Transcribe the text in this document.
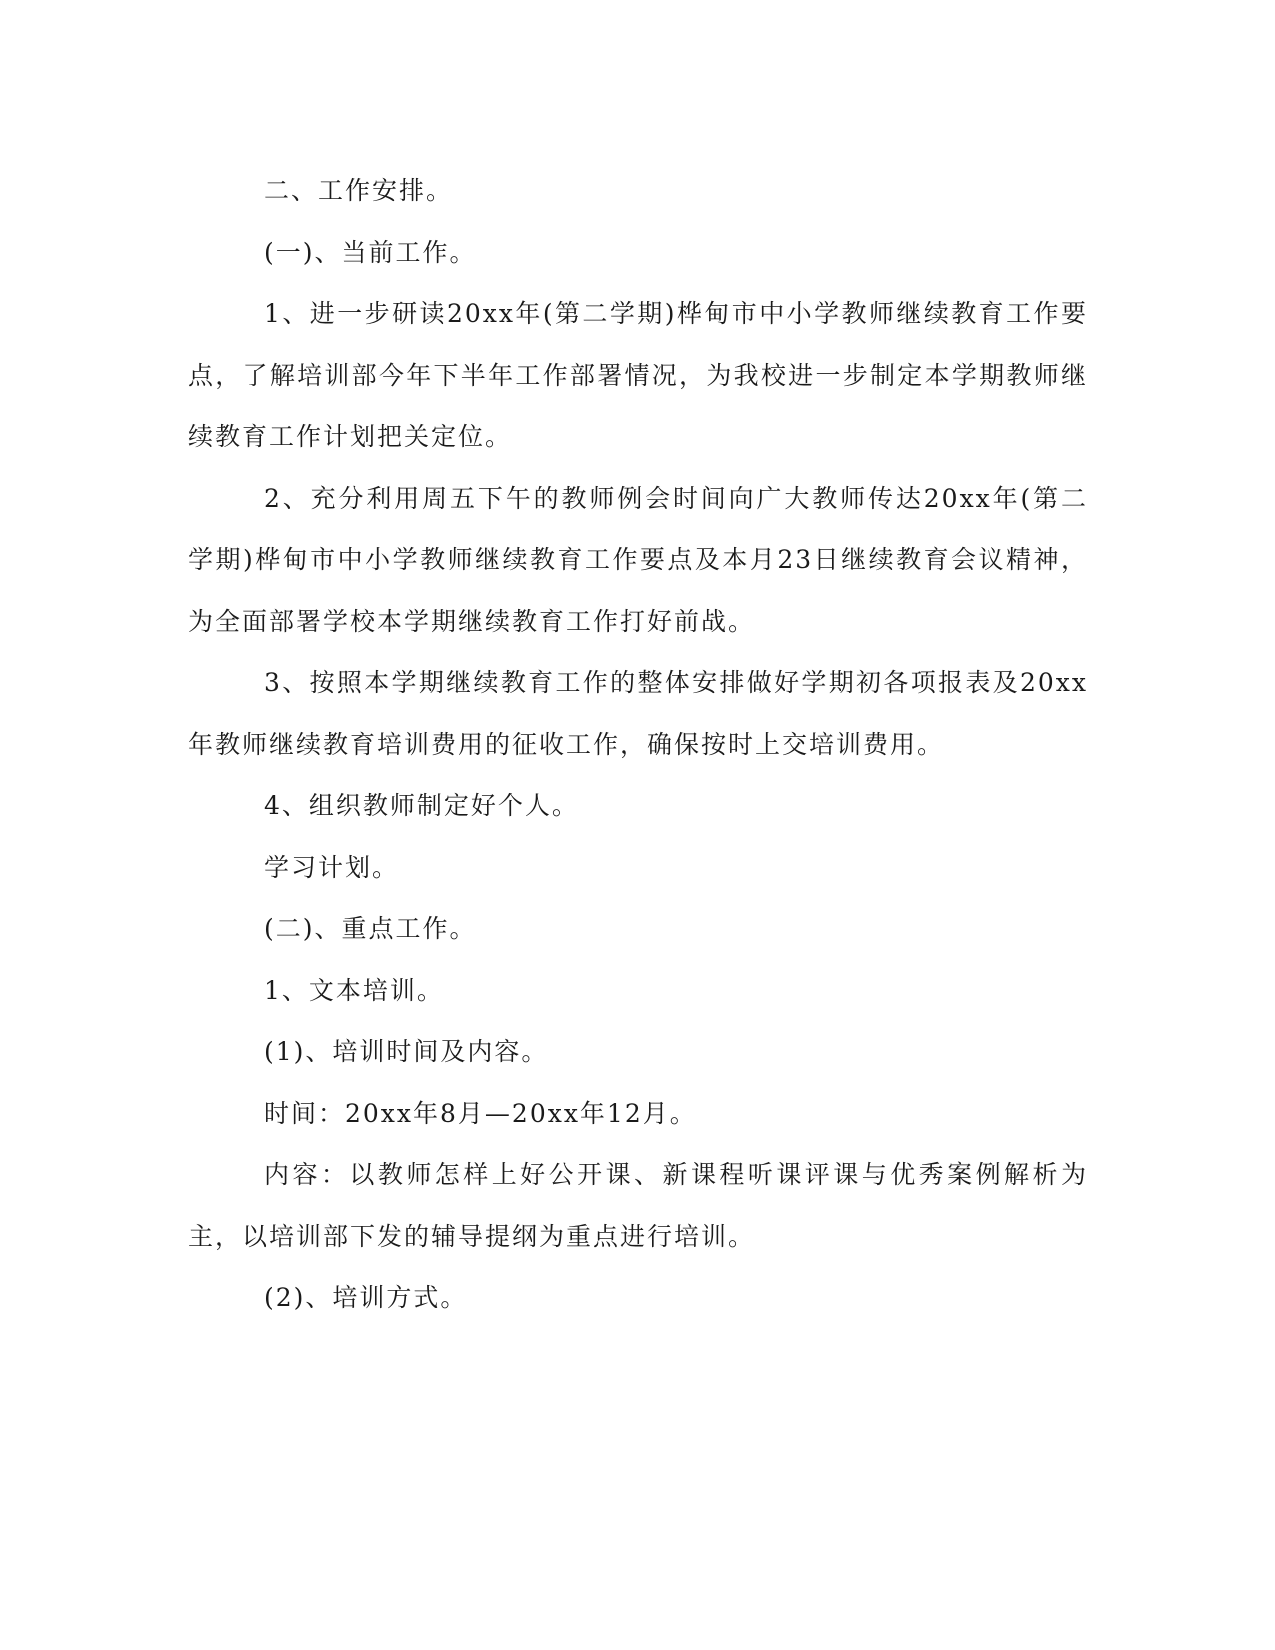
二、工作安排。

(一)、当前工作。

1、进一步研读20xx年(第二学期)桦甸市中小学教师继续教育工作要点，了解培训部今年下半年工作部署情况，为我校进一步制定本学期教师继续教育工作计划把关定位。

2、充分利用周五下午的教师例会时间向广大教师传达20xx年(第二学期)桦甸市中小学教师继续教育工作要点及本月23日继续教育会议精神，为全面部署学校本学期继续教育工作打好前战。

3、按照本学期继续教育工作的整体安排做好学期初各项报表及20xx年教师继续教育培训费用的征收工作，确保按时上交培训费用。

4、组织教师制定好个人。

学习计划。

(二)、重点工作。

1、文本培训。

(1)、培训时间及内容。

时间：20xx年8月—20xx年12月。

内容：以教师怎样上好公开课、新课程听课评课与优秀案例解析为主，以培训部下发的辅导提纲为重点进行培训。

(2)、培训方式。
